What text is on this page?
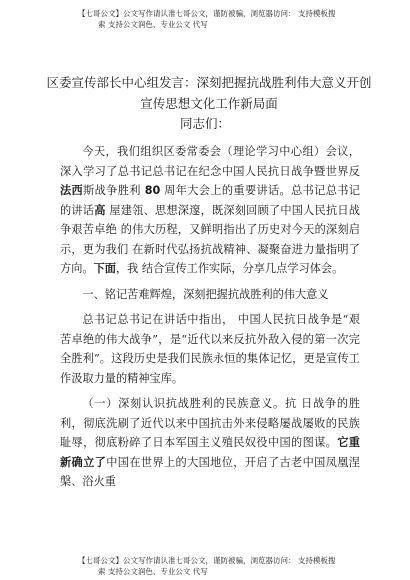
【七哥公文】公文写作请认准七哥公文，谨防被骗，浏览器访问： 支持模板搜
索 支持公文润色、专业公文 代写
区委宣传部长中心组发言：深刻把握抗战胜利伟大意义开创宣传思想文化工作新局面
同志们：

今天，我们组织区委常委会（理论学习中心组）会议，深入学习了总书记总书记在纪念中国人民抗日战争暨世界反法西斯战争胜利 80 周年大会上的重要讲话。总书记总书记的讲话高 屋建瓴、思想深邃，既深刻回顾了中国人民抗日战争艰苦卓绝 的伟大历程，又鲜明指出了历史对今天的深刻启示，更为我们 在新时代弘扬抗战精神、凝聚奋进力量指明了方向。下面，我 结合宣传工作实际，分享几点学习体会。

一、铭记苦难辉煌，深刻把握抗战胜利的伟大意义

总书记总书记在讲话中指出， 中国人民抗日战争是“艰苦卓绝的伟大战争”，是“近代以来反抗外敌入侵的第一次完全胜利”。这段历史是我们民族永恒的集体记忆，更是宣传工作汲取力量的精神宝库。

（一）深刻认识抗战胜利的民族意义。抗 日战争的胜利，彻底洗刷了近代以来中国抗击外来侵略屡战屡败的民族耻辱，彻底粉碎了日本军国主义殖民奴役中国的图谋。它重新确立了中国在世界上的大国地位，开启了古老中国凤凰涅槃、浴火重

【七哥公文】公文写作请认准七哥公文，谨防被骗，浏览器访问： 支持模板搜
索 支持公文润色、专业公文 代写
